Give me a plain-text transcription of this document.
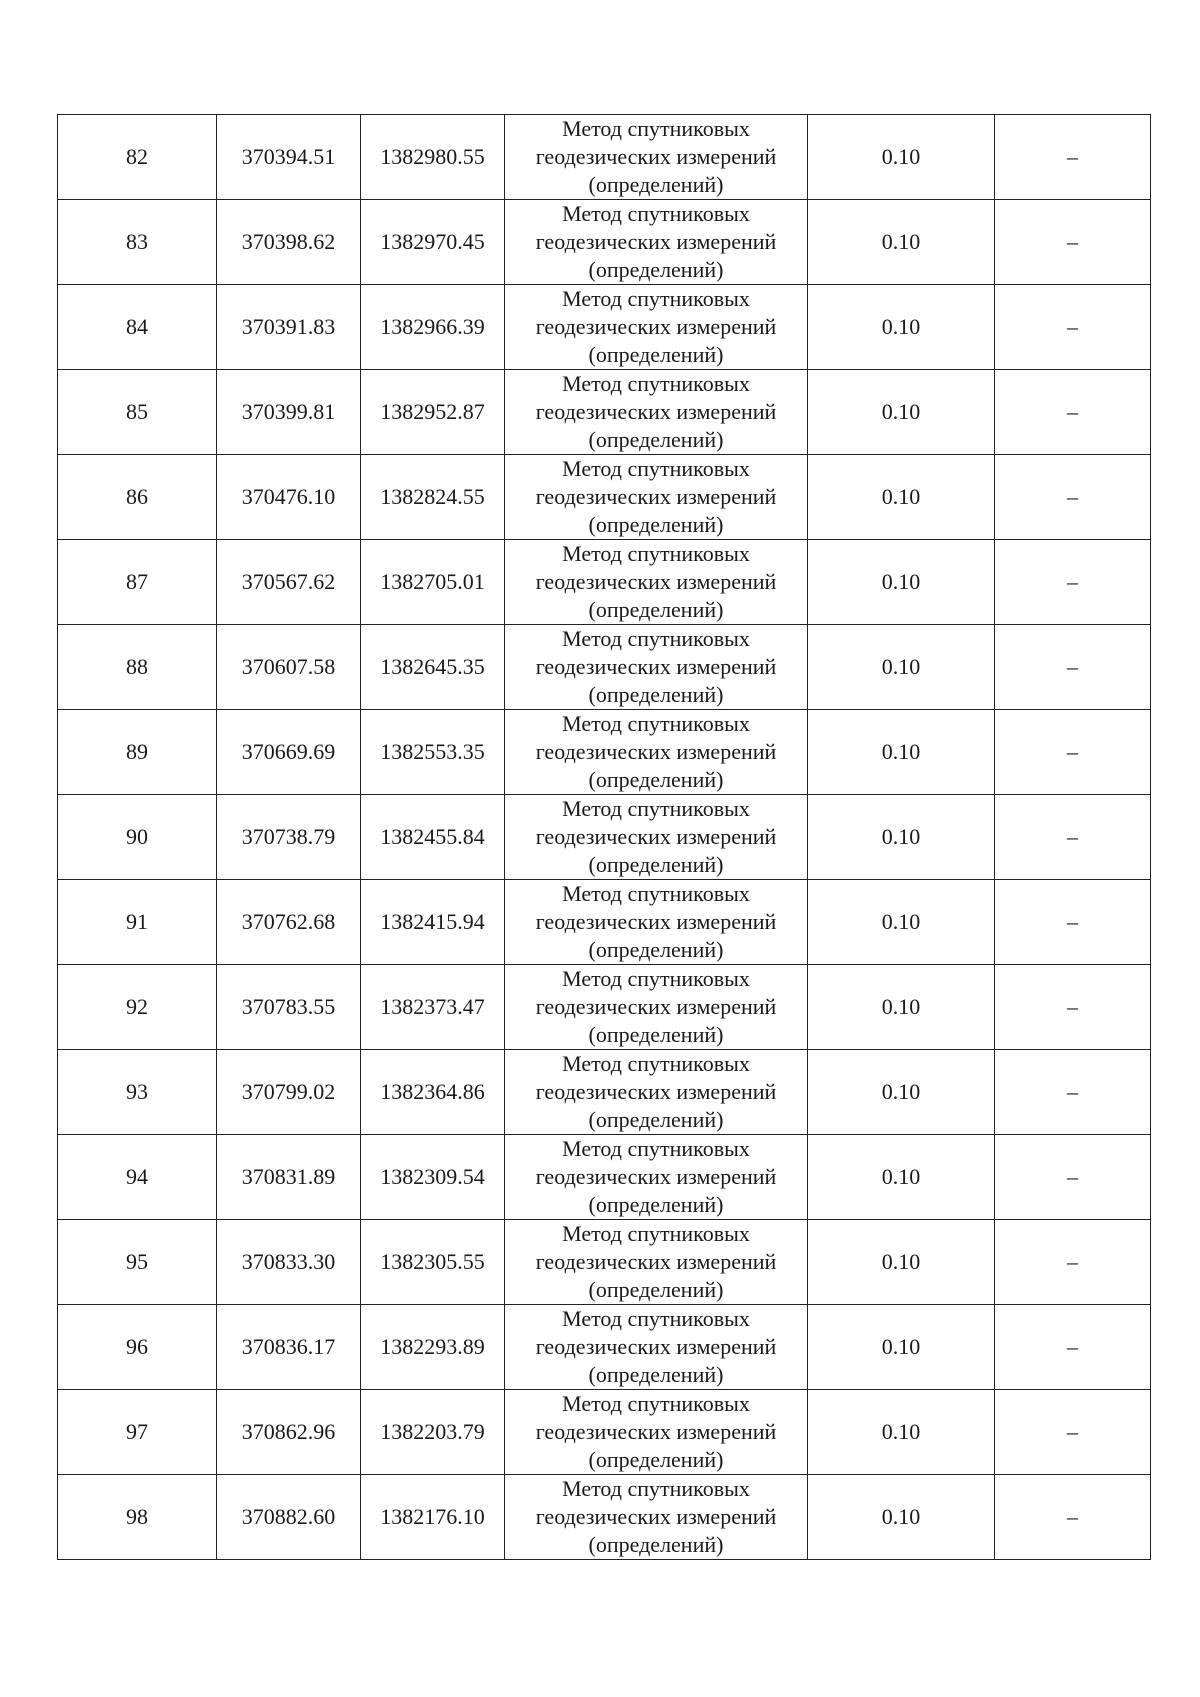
82	370394.51	1382980.55	Метод спутниковых
геодезических измерений
(определений)	0.10	–
83	370398.62	1382970.45	Метод спутниковых
геодезических измерений
(определений)	0.10	–
84	370391.83	1382966.39	Метод спутниковых
геодезических измерений
(определений)	0.10	–
85	370399.81	1382952.87	Метод спутниковых
геодезических измерений
(определений)	0.10	–
86	370476.10	1382824.55	Метод спутниковых
геодезических измерений
(определений)	0.10	–
87	370567.62	1382705.01	Метод спутниковых
геодезических измерений
(определений)	0.10	–
88	370607.58	1382645.35	Метод спутниковых
геодезических измерений
(определений)	0.10	–
89	370669.69	1382553.35	Метод спутниковых
геодезических измерений
(определений)	0.10	–
90	370738.79	1382455.84	Метод спутниковых
геодезических измерений
(определений)	0.10	–
91	370762.68	1382415.94	Метод спутниковых
геодезических измерений
(определений)	0.10	–
92	370783.55	1382373.47	Метод спутниковых
геодезических измерений
(определений)	0.10	–
93	370799.02	1382364.86	Метод спутниковых
геодезических измерений
(определений)	0.10	–
94	370831.89	1382309.54	Метод спутниковых
геодезических измерений
(определений)	0.10	–
95	370833.30	1382305.55	Метод спутниковых
геодезических измерений
(определений)	0.10	–
96	370836.17	1382293.89	Метод спутниковых
геодезических измерений
(определений)	0.10	–
97	370862.96	1382203.79	Метод спутниковых
геодезических измерений
(определений)	0.10	–
98	370882.60	1382176.10	Метод спутниковых
геодезических измерений
(определений)	0.10	–
